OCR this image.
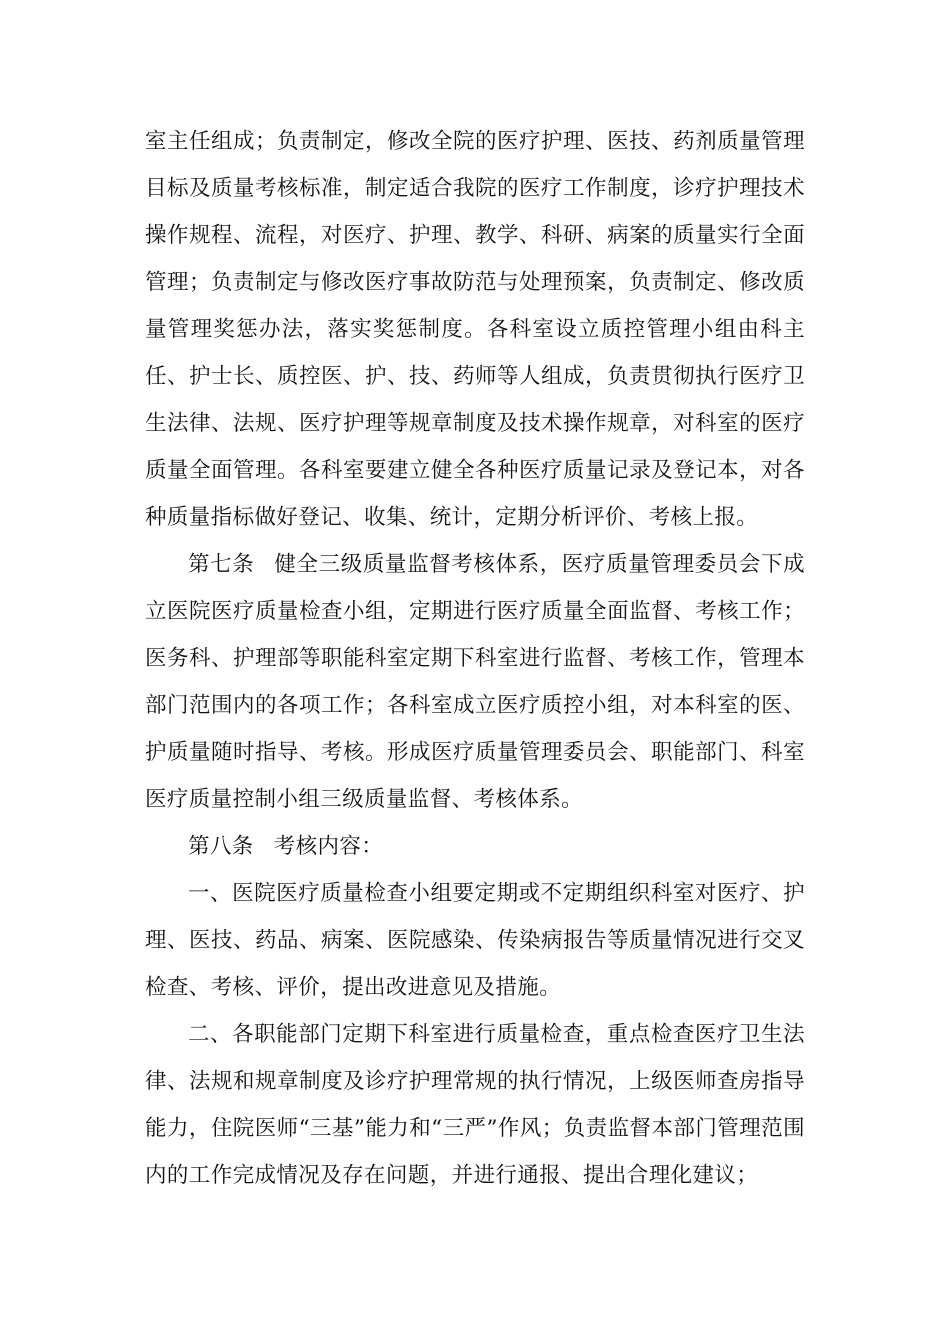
室主任组成；负责制定，修改全院的医疗护理、医技、药剂质量管理目标及质量考核标准，制定适合我院的医疗工作制度，诊疗护理技术操作规程、流程，对医疗、护理、教学、科研、病案的质量实行全面管理；负责制定与修改医疗事故防范与处理预案，负责制定、修改质量管理奖惩办法，落实奖惩制度。各科室设立质控管理小组由科主任、护士长、质控医、护、技、药师等人组成，负责贯彻执行医疗卫生法律、法规、医疗护理等规章制度及技术操作规章，对科室的医疗质量全面管理。各科室要建立健全各种医疗质量记录及登记本，对各种质量指标做好登记、收集、统计，定期分析评价、考核上报。

第七条 健全三级质量监督考核体系，医疗质量管理委员会下成立医院医疗质量检查小组，定期进行医疗质量全面监督、考核工作；医务科、护理部等职能科室定期下科室进行监督、考核工作，管理本部门范围内的各项工作；各科室成立医疗质控小组，对本科室的医、护质量随时指导、考核。形成医疗质量管理委员会、职能部门、科室医疗质量控制小组三级质量监督、考核体系。

第八条 考核内容：

一、医院医疗质量检查小组要定期或不定期组织科室对医疗、护理、医技、药品、病案、医院感染、传染病报告等质量情况进行交叉检查、考核、评价，提出改进意见及措施。

二、各职能部门定期下科室进行质量检查，重点检查医疗卫生法律、法规和规章制度及诊疗护理常规的执行情况，上级医师查房指导能力，住院医师“三基”能力和“三严”作风；负责监督本部门管理范围内的工作完成情况及存在问题，并进行通报、提出合理化建议；
